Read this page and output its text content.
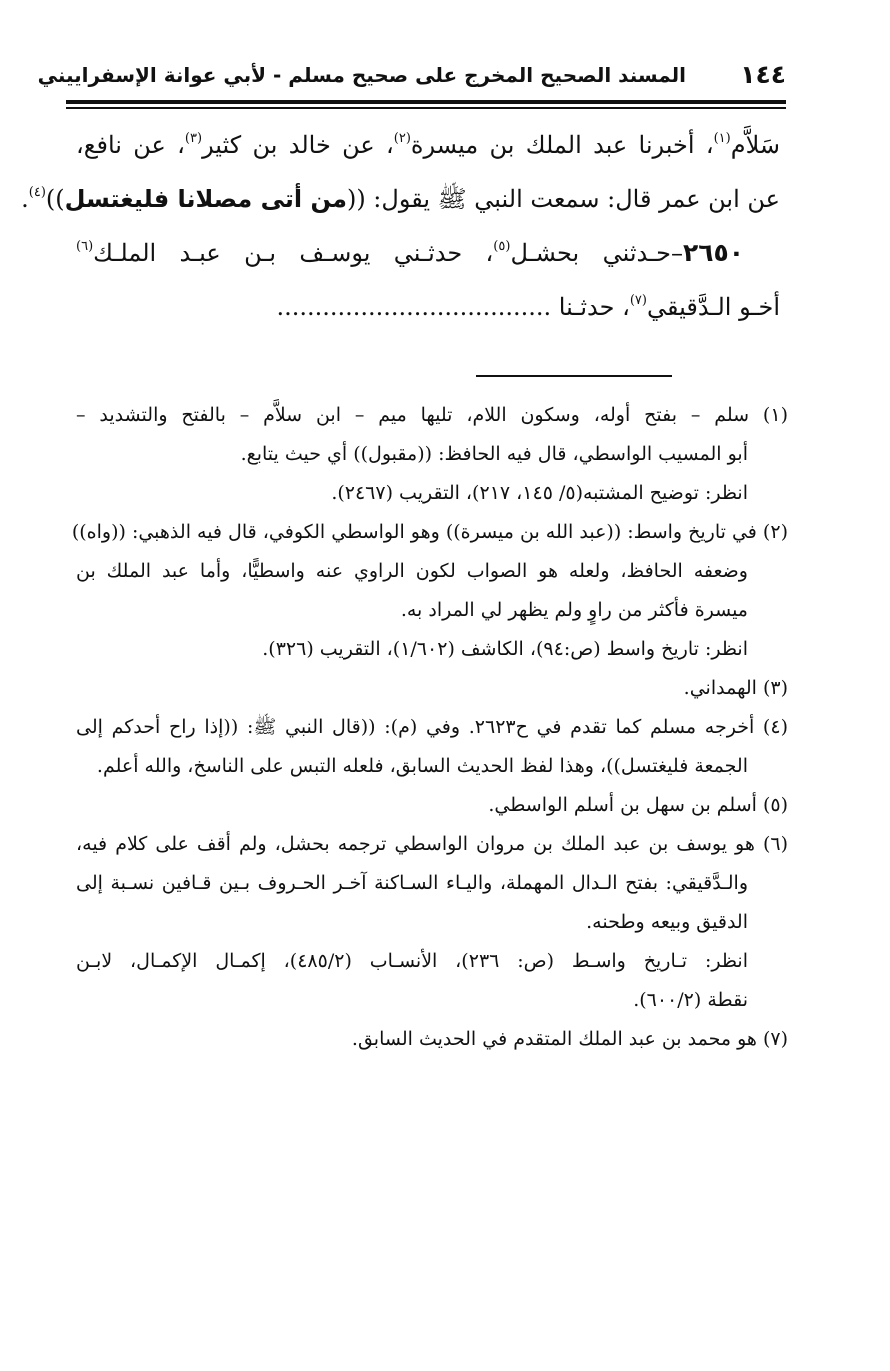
١٤٤
المسند الصحيح المخرج على صحيح مسلم - لأبي عوانة الإسفراييني
سَلاَّم$^{(١)}$، أخبرنا عبد الملك بن ميسرة$^{(٢)}$، عن خالد بن كثير$^{(٣)}$، عن نافع،
عن ابن عمر قال: سمعت النبي ﷺ يقول: ((من أتى مصلانا فليغتسل))$^{(٤)}$.
٢٦٥٠–حـدثني بحشـل$^{(٥)}$، حدثـني يوسـف بـن عبـد الملـك$^{(٦)}$
أخـو الـدَّقيقي$^{(٧)}$، حدثـنا ....................................
(١) سلم – بفتح أوله، وسكون اللام، تليها ميم – ابن سلاَّم – بالفتح والتشديد –
أبو المسيب الواسطي، قال فيه الحافظ: ((مقبول)) أي حيث يتابع.
انظر: توضيح المشتبه(٥/ ١٤٥، ٢١٧)، التقريب (٢٤٦٧).
(٢) في تاريخ واسط: ((عبد الله بن ميسرة)) وهو الواسطي الكوفي، قال فيه الذهبي: ((واه))
وضعفه الحافظ، ولعله هو الصواب لكون الراوي عنه واسطيًّا، وأما عبد الملك بن
ميسرة فأكثر من راوٍ ولم يظهر لي المراد به.
انظر: تاريخ واسط (ص:٩٤)، الكاشف (١/٦٠٢)، التقريب (٣٢٦).
(٣) الهمداني.
(٤) أخرجه مسلم كما تقدم في ح٢٦٢٣. وفي (م): ((قال النبي ﷺ: ((إذا راح أحدكم إلى
الجمعة فليغتسل))، وهذا لفظ الحديث السابق، فلعله التبس على الناسخ، والله أعلم.
(٥) أسلم بن سهل بن أسلم الواسطي.
(٦) هو يوسف بن عبد الملك بن مروان الواسطي ترجمه بحشل، ولم أقف على كلام فيه،
والـدَّقيقي: بفتح الـدال المهملة، واليـاء السـاكنة آخـر الحـروف بـين قـافين نسـبة إلى
الدقيق وبيعه وطحنه.
انظر: تـاريخ واسـط (ص: ٢٣٦)، الأنسـاب (٤٨٥/٢)، إكمـال الإكمـال، لابـن
نقطة (٦٠٠/٢).
(٧) هو محمد بن عبد الملك المتقدم في الحديث السابق.
